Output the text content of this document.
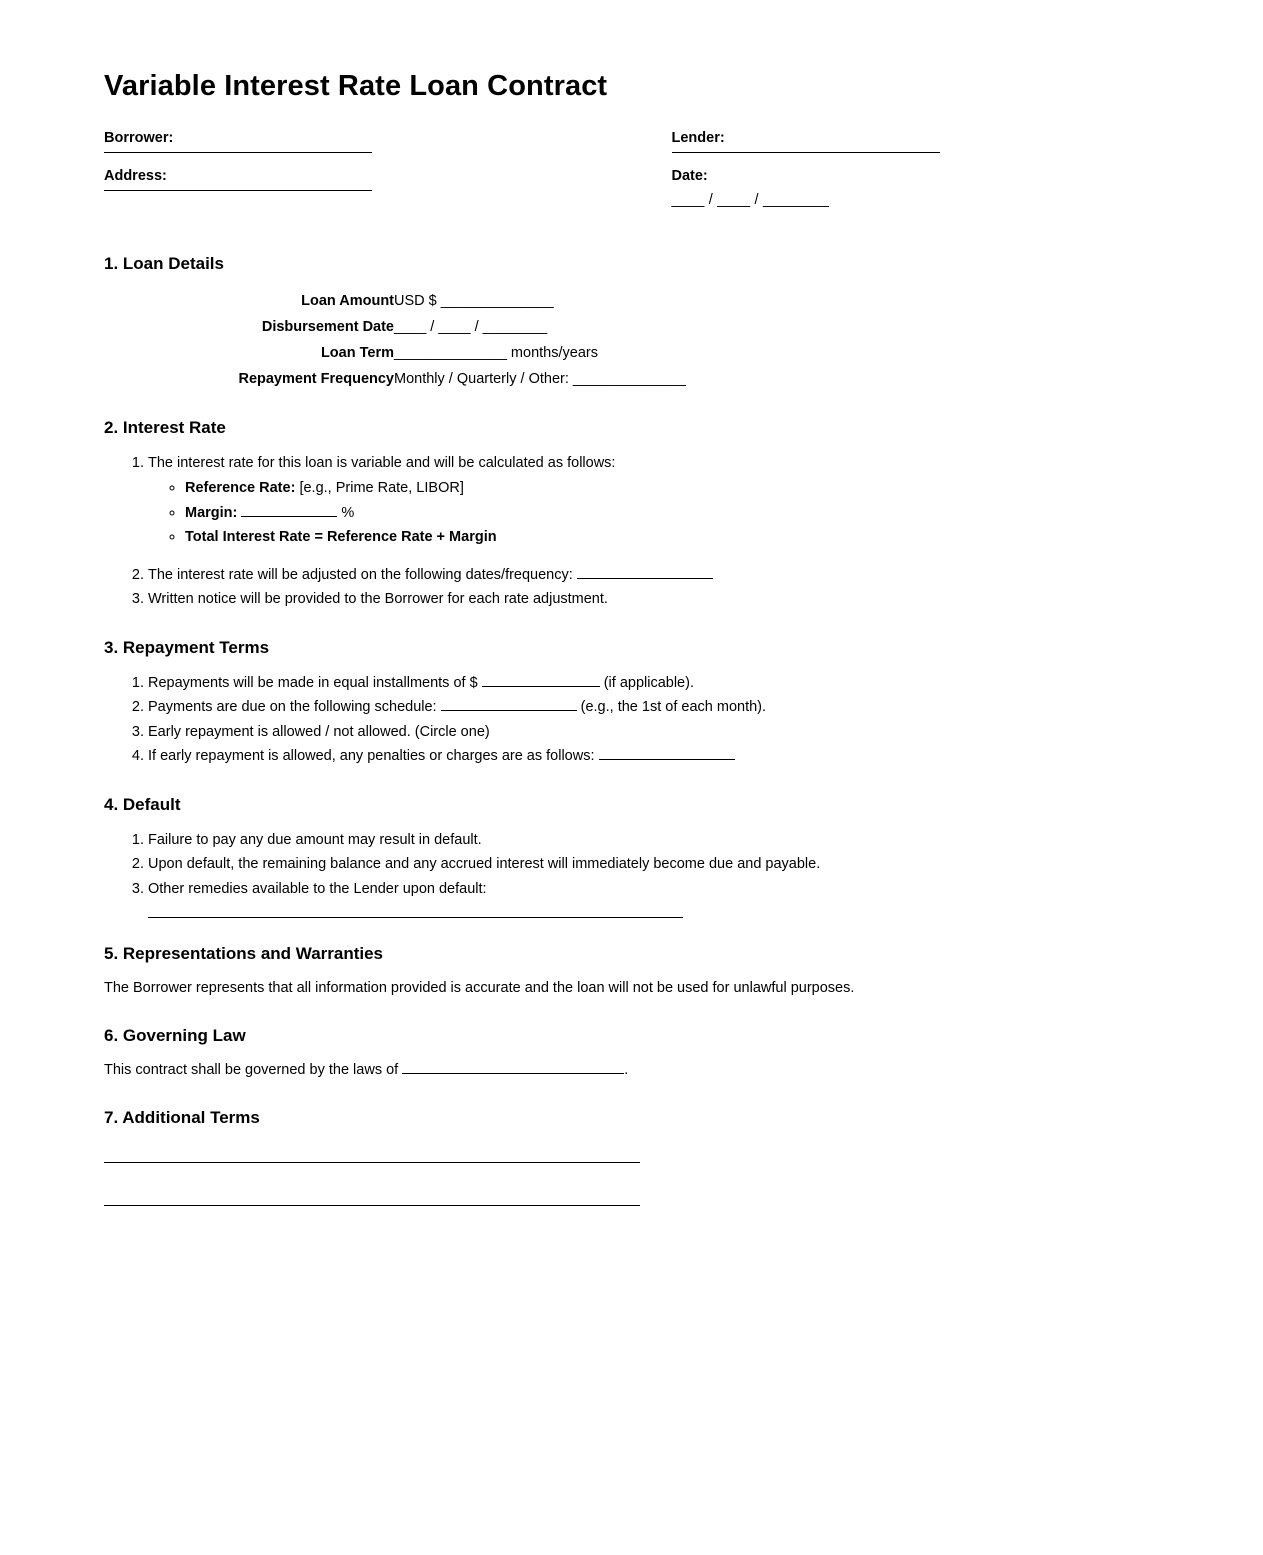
Variable Interest Rate Loan Contract
Borrower:
Address:
Lender:
Date:
____ / ____ / ________
1. Loan Details
Loan Amount	USD $ ______________
Disbursement Date	____ / ____ / ________
Loan Term	______________ months/years
Repayment Frequency	Monthly / Quarterly / Other: ______________
2. Interest Rate
1. The interest rate for this loan is variable and will be calculated as follows:
◦ Reference Rate: [e.g., Prime Rate, LIBOR]
◦ Margin:	%
◦ Total Interest Rate = Reference Rate + Margin
2. The interest rate will be adjusted on the following dates/frequency:
3. Written notice will be provided to the Borrower for each rate adjustment.
3. Repayment Terms
1. Repayments will be made in equal installments of $	(if applicable).
2. Payments are due on the following schedule:	(e.g., the 1st of each month).
3. Early repayment is allowed / not allowed. (Circle one)
4. If early repayment is allowed, any penalties or charges are as follows:
4. Default
1. Failure to pay any due amount may result in default.
2. Upon default, the remaining balance and any accrued interest will immediately become due and payable.
3. Other remedies available to the Lender upon default:
5. Representations and Warranties

The Borrower represents that all information provided is accurate and the loan will not be used for unlawful purposes.

6. Governing Law

This contract shall be governed by the laws of	.

7. Additional Terms
